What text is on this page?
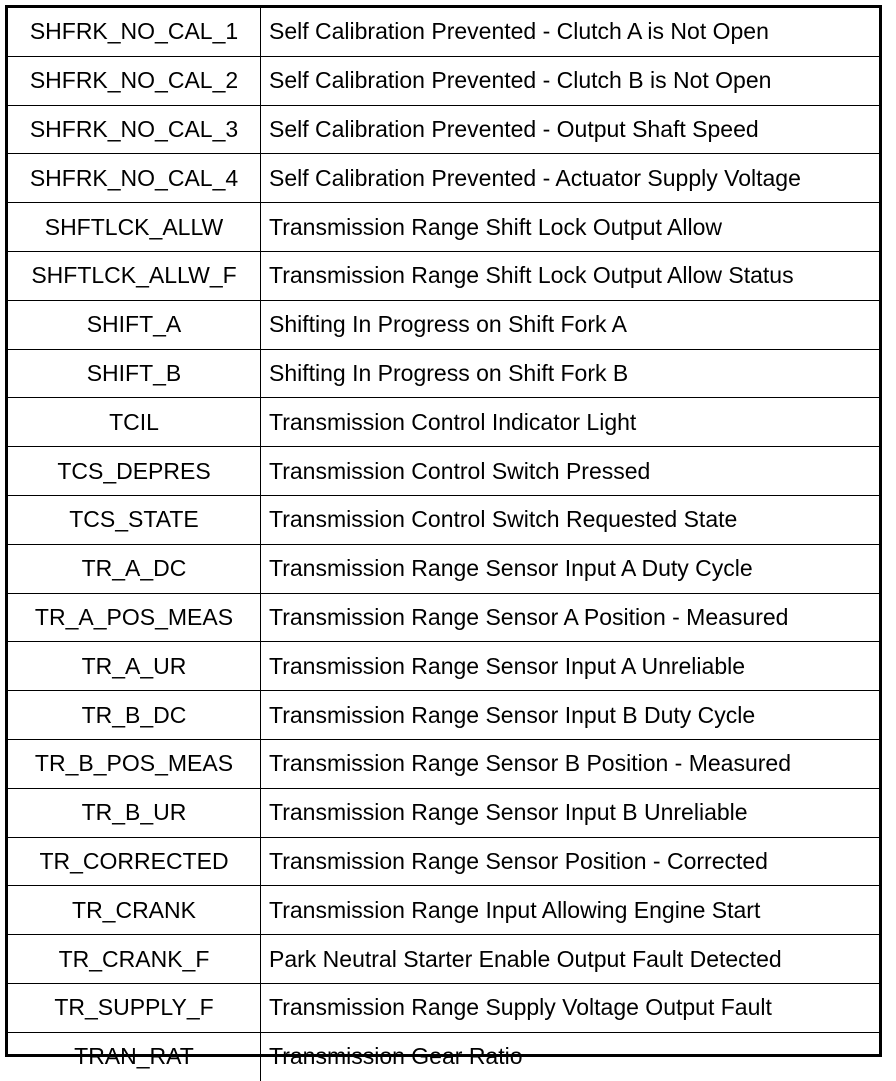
SHFRK_NO_CAL_1	Self Calibration Prevented - Clutch A is Not Open
SHFRK_NO_CAL_2	Self Calibration Prevented - Clutch B is Not Open
SHFRK_NO_CAL_3	Self Calibration Prevented - Output Shaft Speed
SHFRK_NO_CAL_4	Self Calibration Prevented - Actuator Supply Voltage
SHFTLCK_ALLW	Transmission Range Shift Lock Output Allow
SHFTLCK_ALLW_F	Transmission Range Shift Lock Output Allow Status
SHIFT_A	Shifting In Progress on Shift Fork A
SHIFT_B	Shifting In Progress on Shift Fork B
TCIL	Transmission Control Indicator Light
TCS_DEPRES	Transmission Control Switch Pressed
TCS_STATE	Transmission Control Switch Requested State
TR_A_DC	Transmission Range Sensor Input A Duty Cycle
TR_A_POS_MEAS	Transmission Range Sensor A Position - Measured
TR_A_UR	Transmission Range Sensor Input A Unreliable
TR_B_DC	Transmission Range Sensor Input B Duty Cycle
TR_B_POS_MEAS	Transmission Range Sensor B Position - Measured
TR_B_UR	Transmission Range Sensor Input B Unreliable
TR_CORRECTED	Transmission Range Sensor Position - Corrected
TR_CRANK	Transmission Range Input Allowing Engine Start
TR_CRANK_F	Park Neutral Starter Enable Output Fault Detected
TR_SUPPLY_F	Transmission Range Supply Voltage Output Fault
TRAN_RAT	Transmission Gear Ratio
